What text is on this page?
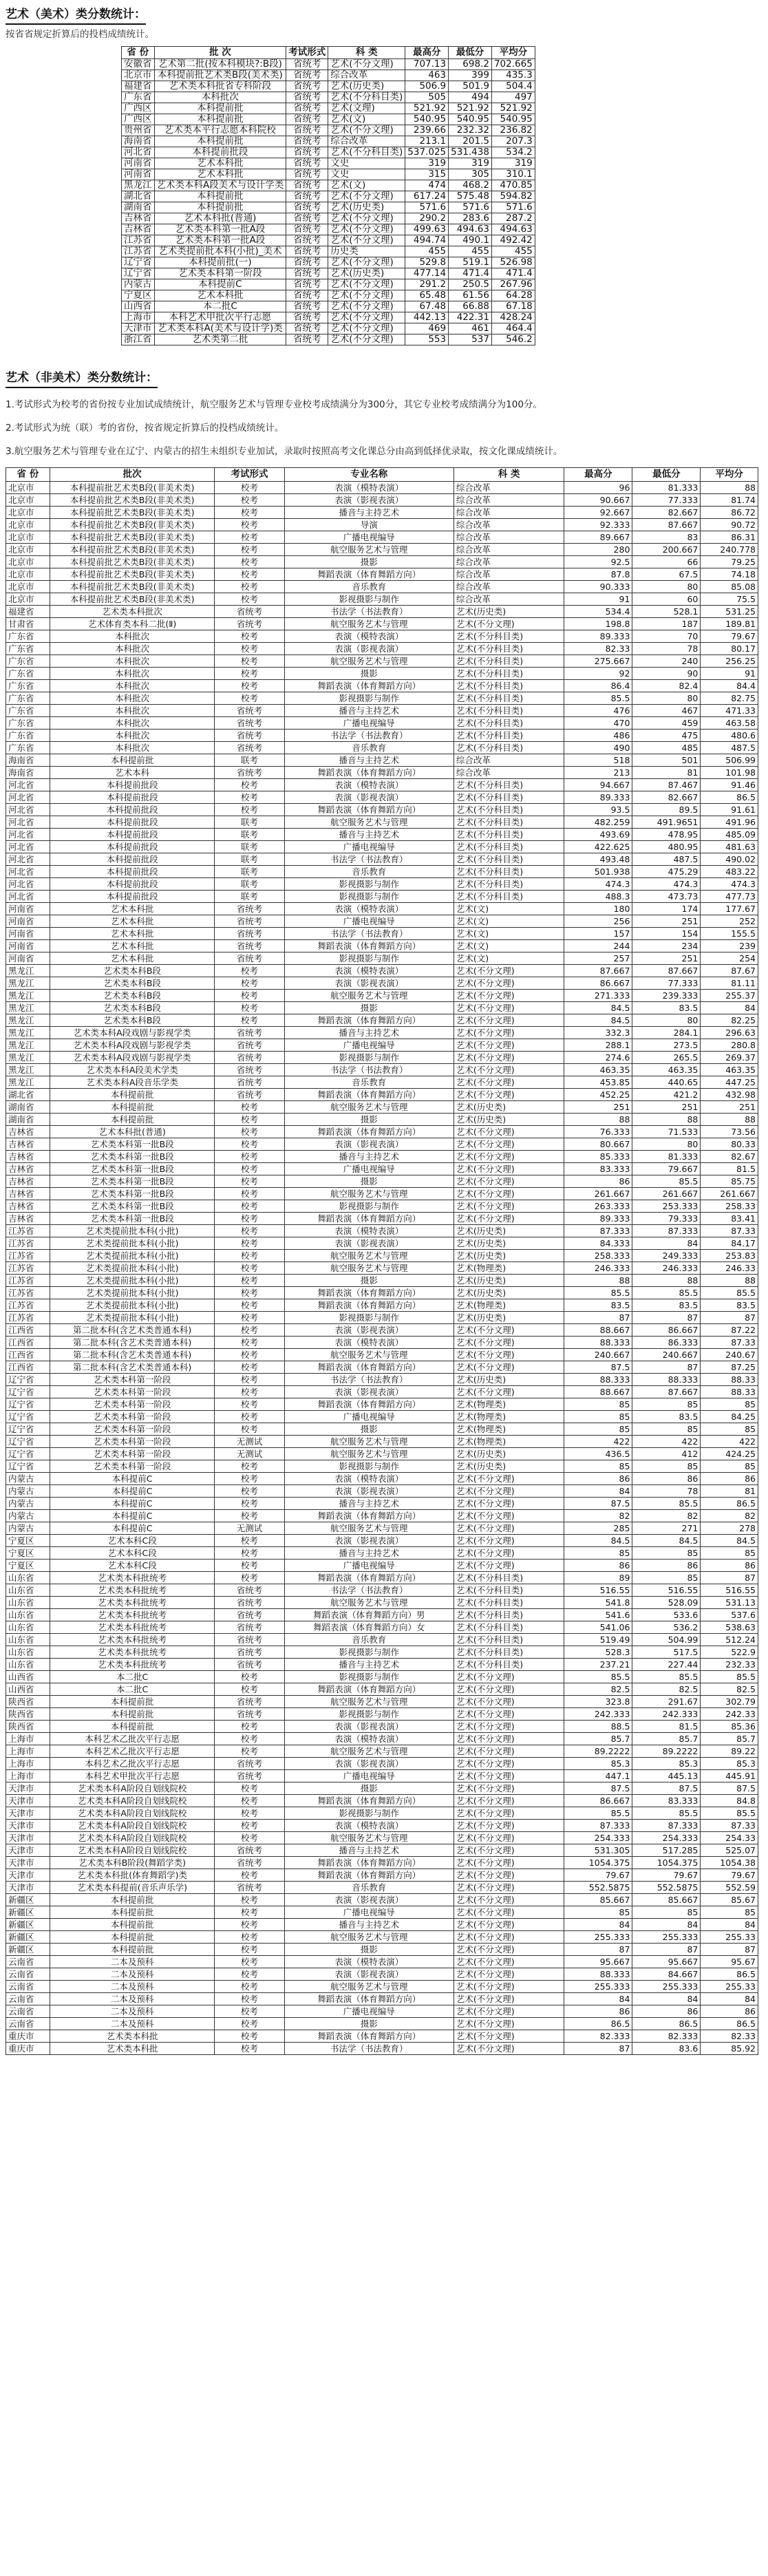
艺术（美术）类分数统计：
按省省规定折算后的投档成绩统计。
省 份	批 次	考试形式	科 类	最高分	最低分	平均分
安徽省	艺术第二批(按本科模块?:B段)	省统考	艺术(不分文理)	707.13	698.2	702.665
北京市	本科提前批艺术类B段(美术类)	省统考	综合改革	463	399	435.3
福建省	艺术类本科批省专科阶段	省统考	艺术(历史类)	506.9	501.9	504.4
广东省	本科批次	省统考	艺术(不分科目类)	505	494	497
广西区	本科提前批	省统考	艺术(文理)	521.92	521.92	521.92
广西区	本科提前批	省统考	艺术(文)	540.95	540.95	540.95
贵州省	艺术类本平行志愿本科院校	省统考	艺术(不分文理)	239.66	232.32	236.82
海南省	本科提前批	省统考	综合改革	213.1	201.5	207.3
河北省	本科提前批段	省统考	艺术(不分科目类)	537.025	531.438	534.2
河南省	艺术本科批	省统考	文史	319	319	319
河南省	艺术本科批	省统考	文史	315	305	310.1
黑龙江	艺术类本科A段美术与设计学类	省统考	艺术(文)	474	468.2	470.85
湖北省	本科提前批	省统考	艺术(不分文理)	617.24	575.48	594.82
湖南省	本科提前批	省统考	艺术(历史类)	571.6	571.6	571.6
吉林省	艺术本科批(普通)	省统考	艺术(不分文理)	290.2	283.6	287.2
吉林省	艺术类本科第一批A段	省统考	艺术(不分文理)	499.63	494.63	494.63
江苏省	艺术类本科第一批A段	省统考	艺术(不分文理)	494.74	490.1	492.42
江苏省	艺术类提前批本科(小批)_美术	省统考	历史类	455	455	455
辽宁省	本科提前批(一)	省统考	艺术(不分文理)	529.8	519.1	526.98
辽宁省	艺术类本科第一阶段	省统考	艺术(历史类)	477.14	471.4	471.4
内蒙古	本科提前C	省统考	艺术(不分文理)	291.2	250.5	267.96
宁夏区	艺术本科批	省统考	艺术(不分文理)	65.48	61.56	64.28
山西省	本二批C	省统考	艺术(不分文理)	67.48	66.88	67.18
上海市	本科艺术甲批次平行志愿	省统考	艺术(不分文理)	442.13	422.31	428.24
天津市	艺术类本科A(美术与设计学)类	省统考	艺术(不分文理)	469	461	464.4
浙江省	艺术类第二批	省统考	艺术(不分文理)	553	537	546.2
艺术（非美术）类分数统计：
1.考试形式为校考的省份按专业加试成绩统计，航空服务艺术与管理专业校考成绩满分为300分，其它专业校考成绩满分为100分。
2.考试形式为统（联）考的省份，按省规定折算后的投档成绩统计。
3.航空服务艺术与管理专业在辽宁、内蒙古的招生未组织专业加试，录取时按照高考文化课总分由高到低择优录取，按文化课成绩统计。
省 份	批次	考试形式	专业名称	科 类	最高分	最低分	平均分
北京市	本科提前批艺术类B段(非美术类)	校考	表演（模特表演）	综合改革	96	81.333	88
北京市	本科提前批艺术类B段(非美术类)	校考	表演（影视表演）	综合改革	90.667	77.333	81.74
北京市	本科提前批艺术类B段(非美术类)	校考	播音与主持艺术	综合改革	92.667	82.667	86.72
北京市	本科提前批艺术类B段(非美术类)	校考	导演	综合改革	92.333	87.667	90.72
北京市	本科提前批艺术类B段(非美术类)	校考	广播电视编导	综合改革	89.667	83	86.31
北京市	本科提前批艺术类B段(非美术类)	校考	航空服务艺术与管理	综合改革	280	200.667	240.778
北京市	本科提前批艺术类B段(非美术类)	校考	摄影	综合改革	92.5	66	79.25
北京市	本科提前批艺术类B段(非美术类)	校考	舞蹈表演（体育舞蹈方向）	综合改革	87.8	67.5	74.18
北京市	本科提前批艺术类B段(非美术类)	校考	音乐教育	综合改革	90.333	80	85.08
北京市	本科提前批艺术类B段(非美术类)	校考	影视摄影与制作	综合改革	91	60	75.5
福建省	艺术类本科批次	省统考	书法学（书法教育）	艺术(历史类)	534.4	528.1	531.25
甘肃省	艺术体育类本科二批(Ⅱ)	省统考	航空服务艺术与管理	艺术(不分文理)	198.8	187	189.81
广东省	本科批次	校考	表演（模特表演）	艺术(不分科目类)	89.333	70	79.67
广东省	本科批次	校考	表演（影视表演）	艺术(不分科目类)	82.33	78	80.17
广东省	本科批次	校考	航空服务艺术与管理	艺术(不分科目类)	275.667	240	256.25
广东省	本科批次	校考	摄影	艺术(不分科目类)	92	90	91
广东省	本科批次	校考	舞蹈表演（体育舞蹈方向）	艺术(不分科目类)	86.4	82.4	84.4
广东省	本科批次	校考	影视摄影与制作	艺术(不分科目类)	85.5	80	82.75
广东省	本科批次	省统考	播音与主持艺术	艺术(不分科目类)	476	467	471.33
广东省	本科批次	省统考	广播电视编导	艺术(不分科目类)	470	459	463.58
广东省	本科批次	省统考	书法学（书法教育）	艺术(不分科目类)	486	475	480.6
广东省	本科批次	省统考	音乐教育	艺术(不分科目类)	490	485	487.5
海南省	本科提前批	联考	播音与主持艺术	综合改革	518	501	506.99
海南省	艺术本科	省统考	舞蹈表演（体育舞蹈方向）	综合改革	213	81	101.98
河北省	本科提前批段	校考	表演（模特表演）	艺术(不分科目类)	94.667	87.467	91.46
河北省	本科提前批段	校考	表演（影视表演）	艺术(不分科目类)	89.333	82.667	86.5
河北省	本科提前批段	校考	舞蹈表演（体育舞蹈方向）	艺术(不分科目类)	93.5	89.5	91.61
河北省	本科提前批段	联考	航空服务艺术与管理	艺术(不分科目类)	482.259	491.9651	491.96
河北省	本科提前批段	联考	播音与主持艺术	艺术(不分科目类)	493.69	478.95	485.09
河北省	本科提前批段	联考	广播电视编导	艺术(不分科目类)	422.625	480.95	481.63
河北省	本科提前批段	联考	书法学（书法教育）	艺术(不分科目类)	493.48	487.5	490.02
河北省	本科提前批段	联考	音乐教育	艺术(不分科目类)	501.938	475.29	483.22
河北省	本科提前批段	联考	影视摄影与制作	艺术(不分科目类)	474.3	474.3	474.3
河北省	本科提前批段	联考	影视摄影与制作	艺术(不分科目类)	488.3	473.73	477.73
河南省	艺术本科批	省统考	表演（模特表演）	艺术(文)	180	174	177.67
河南省	艺术本科批	省统考	广播电视编导	艺术(文)	256	251	252
河南省	艺术本科批	省统考	书法学（书法教育）	艺术(文)	157	154	155.5
河南省	艺术本科批	省统考	舞蹈表演（体育舞蹈方向）	艺术(文)	244	234	239
河南省	艺术本科批	省统考	影视摄影与制作	艺术(文)	257	251	254
黑龙江	艺术类本科B段	校考	表演（模特表演）	艺术(不分文理)	87.667	87.667	87.67
黑龙江	艺术类本科B段	校考	表演（影视表演）	艺术(不分文理)	86.667	77.333	81.11
黑龙江	艺术类本科B段	校考	航空服务艺术与管理	艺术(不分文理)	271.333	239.333	255.37
黑龙江	艺术类本科B段	校考	摄影	艺术(不分文理)	84.5	83.5	84
黑龙江	艺术类本科B段	校考	舞蹈表演（体育舞蹈方向）	艺术(不分文理)	84.5	80	82.25
黑龙江	艺术类本科A段戏剧与影视学类	省统考	播音与主持艺术	艺术(不分文理)	332.3	284.1	296.63
黑龙江	艺术类本科A段戏剧与影视学类	省统考	广播电视编导	艺术(不分文理)	288.1	273.5	280.8
黑龙江	艺术类本科A段戏剧与影视学类	省统考	影视摄影与制作	艺术(不分文理)	274.6	265.5	269.37
黑龙江	艺术类本科A段美术学类	省统考	书法学（书法教育）	艺术(不分文理)	463.35	463.35	463.35
黑龙江	艺术类本科A段音乐学类	省统考	音乐教育	艺术(不分文理)	453.85	440.65	447.25
湖北省	本科提前批	省统考	舞蹈表演（体育舞蹈方向）	艺术(不分文理)	452.25	421.2	432.98
湖南省	本科提前批	校考	航空服务艺术与管理	艺术(历史类)	251	251	251
湖南省	本科提前批	校考	摄影	艺术(历史类)	88	88	88
吉林省	艺术本科批(普通)	校考	舞蹈表演（体育舞蹈方向）	艺术(不分文理)	76.333	71.533	73.56
吉林省	艺术类本科第一批B段	校考	表演（影视表演）	艺术(不分文理)	80.667	80	80.33
吉林省	艺术类本科第一批B段	校考	播音与主持艺术	艺术(不分文理)	85.333	81.333	82.67
吉林省	艺术类本科第一批B段	校考	广播电视编导	艺术(不分文理)	83.333	79.667	81.5
吉林省	艺术类本科第一批B段	校考	摄影	艺术(不分文理)	86	85.5	85.75
吉林省	艺术类本科第一批B段	校考	航空服务艺术与管理	艺术(不分文理)	261.667	261.667	261.667
吉林省	艺术类本科第一批B段	校考	影视摄影与制作	艺术(不分文理)	263.333	253.333	258.33
吉林省	艺术类本科第一批B段	校考	舞蹈表演（体育舞蹈方向）	艺术(不分文理)	89.333	79.333	83.41
江苏省	艺术类提前批本科(小批)	校考	表演（模特表演）	艺术(历史类)	87.333	87.333	87.33
江苏省	艺术类提前批本科(小批)	校考	表演（影视表演）	艺术(历史类)	84.333	84	84.17
江苏省	艺术类提前批本科(小批)	校考	航空服务艺术与管理	艺术(历史类)	258.333	249.333	253.83
江苏省	艺术类提前批本科(小批)	校考	航空服务艺术与管理	艺术(物理类)	246.333	246.333	246.33
江苏省	艺术类提前批本科(小批)	校考	摄影	艺术(历史类)	88	88	88
江苏省	艺术类提前批本科(小批)	校考	舞蹈表演（体育舞蹈方向）	艺术(历史类)	85.5	85.5	85.5
江苏省	艺术类提前批本科(小批)	校考	舞蹈表演（体育舞蹈方向）	艺术(物理类)	83.5	83.5	83.5
江苏省	艺术类提前批本科(小批)	校考	影视摄影与制作	艺术(历史类)	87	87	87
江西省	第二批本科(含艺术类普通本科)	校考	表演（影视表演）	艺术(不分文理)	88.667	86.667	87.22
江西省	第二批本科(含艺术类普通本科)	校考	表演（模特表演）	艺术(不分文理)	88.333	86.333	87.33
江西省	第二批本科(含艺术类普通本科)	校考	航空服务艺术与管理	艺术(不分文理)	240.667	240.667	240.67
江西省	第二批本科(含艺术类普通本科)	校考	舞蹈表演（体育舞蹈方向）	艺术(不分文理)	87.5	87	87.25
辽宁省	艺术类本科第一阶段	校考	书法学（书法教育）	艺术(历史类)	88.333	88.333	88.33
辽宁省	艺术类本科第一阶段	校考	表演（影视表演）	艺术(不分文理)	88.667	87.667	88.33
辽宁省	艺术类本科第一阶段	校考	舞蹈表演（体育舞蹈方向）	艺术(物理类)	85	85	85
辽宁省	艺术类本科第一阶段	校考	广播电视编导	艺术(物理类)	85	83.5	84.25
辽宁省	艺术类本科第一阶段	校考	摄影	艺术(物理类)	85	85	85
辽宁省	艺术类本科第一阶段	无测试	航空服务艺术与管理	艺术(物理类)	422	422	422
辽宁省	艺术类本科第一阶段	无测试	航空服务艺术与管理	艺术(历史类)	436.5	412	424.25
辽宁省	艺术类本科第一阶段	校考	影视摄影与制作	艺术(历史类)	85	85	85
内蒙古	本科提前C	校考	表演（模特表演）	艺术(不分文理)	86	86	86
内蒙古	本科提前C	校考	表演（影视表演）	艺术(不分文理)	84	78	81
内蒙古	本科提前C	校考	播音与主持艺术	艺术(不分文理)	87.5	85.5	86.5
内蒙古	本科提前C	校考	舞蹈表演（体育舞蹈方向）	艺术(不分文理)	82	82	82
内蒙古	本科提前C	无测试	航空服务艺术与管理	艺术(不分文理)	285	271	278
宁夏区	艺术本科C段	校考	表演（影视表演）	艺术(不分文理)	84.5	84.5	84.5
宁夏区	艺术本科C段	校考	播音与主持艺术	艺术(不分文理)	85	85	85
宁夏区	艺术本科C段	校考	广播电视编导	艺术(不分文理)	86	86	86
山东省	艺术类本科批统考	校考	舞蹈表演（体育舞蹈方向）	艺术(不分科目类)	89	85	87
山东省	艺术类本科批统考	省统考	书法学（书法教育）	艺术(不分科目类)	516.55	516.55	516.55
山东省	艺术类本科批统考	省统考	航空服务艺术与管理	艺术(不分科目类)	541.8	528.09	531.13
山东省	艺术类本科批统考	省统考	舞蹈表演（体育舞蹈方向）男	艺术(不分科目类)	541.6	533.6	537.6
山东省	艺术类本科批统考	省统考	舞蹈表演（体育舞蹈方向）女	艺术(不分科目类)	541.06	536.2	538.63
山东省	艺术类本科批统考	省统考	音乐教育	艺术(不分科目类)	519.49	504.99	512.24
山东省	艺术类本科批统考	省统考	影视摄影与制作	艺术(不分科目类)	528.3	517.5	522.9
山东省	艺术类本科批统考	省统考	播音与主持艺术	艺术(不分科目类)	237.21	227.44	232.33
山西省	本二批C	校考	影视摄影与制作	艺术(不分文理)	85.5	85.5	85.5
山西省	本二批C	校考	舞蹈表演（体育舞蹈方向）	艺术(不分文理)	82.5	82.5	82.5
陕西省	本科提前批	省统考	航空服务艺术与管理	艺术(不分文理)	323.8	291.67	302.79
陕西省	本科提前批	省统考	影视摄影与制作	艺术(不分文理)	242.333	242.333	242.33
陕西省	本科提前批	校考	表演（影视表演）	艺术(不分文理)	88.5	81.5	85.36
上海市	本科艺术乙批次平行志愿	校考	表演（模特表演）	艺术(不分文理)	85.7	85.7	85.7
上海市	本科艺术乙批次平行志愿	校考	航空服务艺术与管理	艺术(不分文理)	89.2222	89.2222	89.22
上海市	本科艺术乙批次平行志愿	省统考	表演（影视表演）	艺术(不分文理)	85.3	85.3	85.3
上海市	本科艺术甲批次平行志愿	省统考	广播电视编导	艺术(不分文理)	447.1	445.13	445.91
天津市	艺术类本科A阶段自划线院校	校考	摄影	艺术(不分文理)	87.5	87.5	87.5
天津市	艺术类本科A阶段自划线院校	校考	舞蹈表演（体育舞蹈方向）	艺术(不分文理)	86.667	83.333	84.8
天津市	艺术类本科A阶段自划线院校	校考	影视摄影与制作	艺术(不分文理)	85.5	85.5	85.5
天津市	艺术类本科A阶段自划线院校	校考	表演（模特表演）	艺术(不分文理)	87.333	87.333	87.33
天津市	艺术类本科A阶段自划线院校	校考	航空服务艺术与管理	艺术(不分文理)	254.333	254.333	254.33
天津市	艺术类本科A阶段自划线院校	省统考	播音与主持艺术	艺术(不分文理)	531.305	517.285	525.07
天津市	艺术类本科B阶段(舞蹈学类)	省统考	舞蹈表演（体育舞蹈方向）	艺术(不分文理)	1054.375	1054.375	1054.38
天津市	艺术类本科批(体育舞蹈学)类	校考	舞蹈表演（体育舞蹈方向）	艺术(不分文理)	79.67	79.67	79.67
天津市	艺术类本科提前(音乐声乐学)	省统考	音乐教育	艺术(不分文理)	552.5875	552.5875	552.59
新疆区	本科提前批	校考	表演（影视表演）	艺术(不分文理)	85.667	85.667	85.67
新疆区	本科提前批	校考	广播电视编导	艺术(不分文理)	85	85	85
新疆区	本科提前批	校考	播音与主持艺术	艺术(不分文理)	84	84	84
新疆区	本科提前批	校考	航空服务艺术与管理	艺术(不分文理)	255.333	255.333	255.33
新疆区	本科提前批	校考	摄影	艺术(不分文理)	87	87	87
云南省	二本及预科	校考	表演（模特表演）	艺术(不分文理)	95.667	95.667	95.67
云南省	二本及预科	校考	表演（影视表演）	艺术(不分文理)	88.333	84.667	86.5
云南省	二本及预科	校考	航空服务艺术与管理	艺术(不分文理)	255.333	255.333	255.33
云南省	二本及预科	校考	舞蹈表演（体育舞蹈方向）	艺术(不分文理)	84	84	84
云南省	二本及预科	校考	广播电视编导	艺术(不分文理)	86	86	86
云南省	二本及预科	校考	摄影	艺术(不分文理)	86.5	86.5	86.5
重庆市	艺术类本科批	校考	舞蹈表演（体育舞蹈方向）	艺术(不分文理)	82.333	82.333	82.33
重庆市	艺术类本科批	校考	书法学（书法教育）	艺术(不分文理)	87	83.6	85.92
